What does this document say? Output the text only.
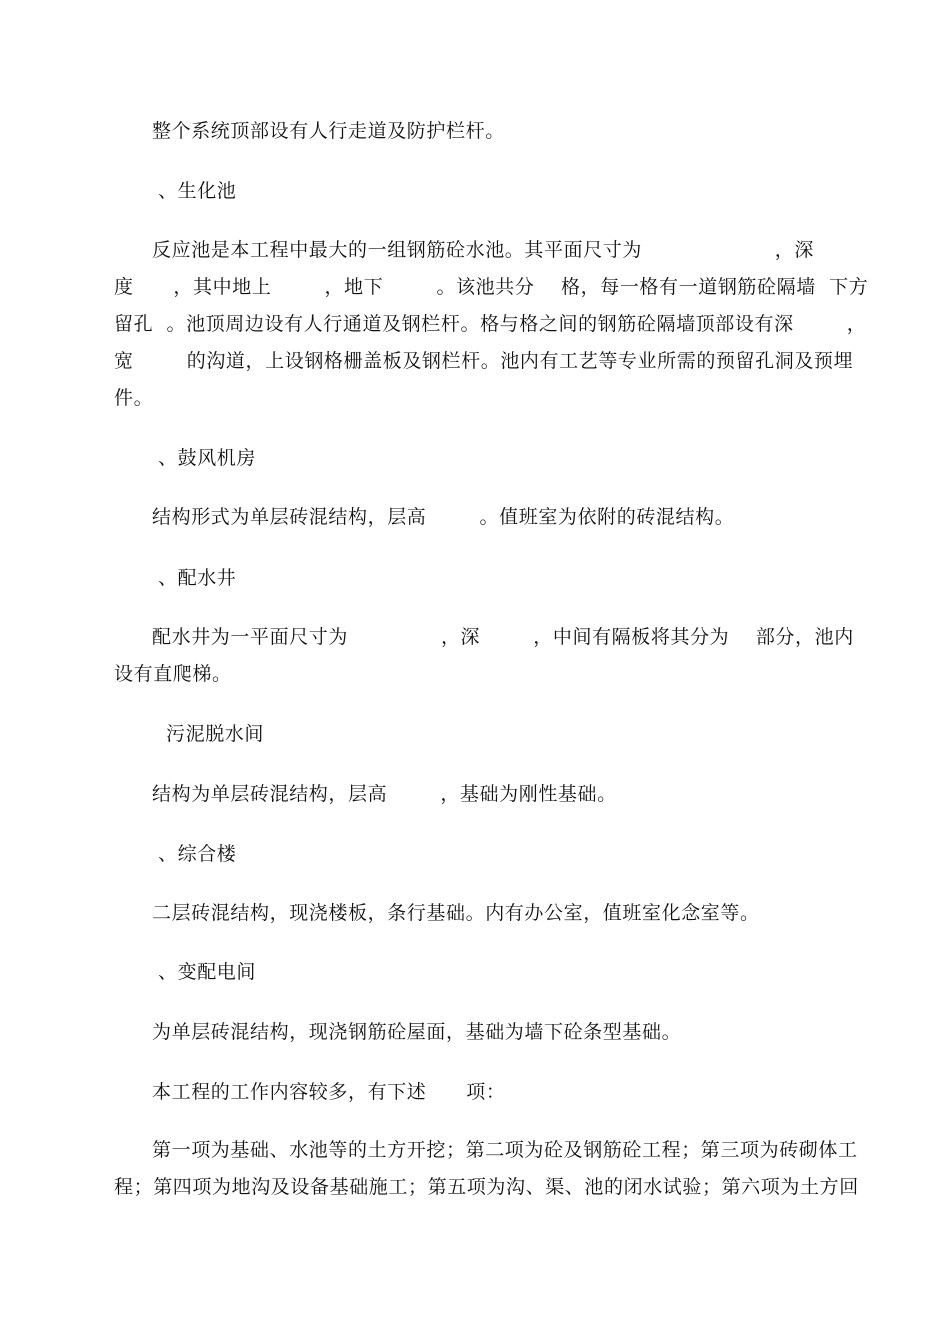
整个系统顶部设有人行走道及防护栏杆。
、生化池
反应池是本工程中最大的一组钢筋砼水池。其平面尺寸为                    ，深
度      ，其中地上        ，地下        。该池共分    格，每一格有一道钢筋砼隔墙  下方
留孔  。池顶周边设有人行通道及钢栏杆。格与格之间的钢筋砼隔墙顶部设有深        ，
宽        的沟道，上设钢格栅盖板及钢栏杆。池内有工艺等专业所需的预留孔洞及预埋
件。
、鼓风机房
结构形式为单层砖混结构，层高        。值班室为依附的砖混结构。
、配水井
配水井为一平面尺寸为              ，深        ，中间有隔板将其分为    部分，池内
设有直爬梯。
污泥脱水间
结构为单层砖混结构，层高        ，基础为刚性基础。
、综合楼
二层砖混结构，现浇楼板，条行基础。内有办公室，值班室化念室等。
、变配电间
为单层砖混结构，现浇钢筋砼屋面，基础为墙下砼条型基础。
本工程的工作内容较多，有下述      项：
第一项为基础、水池等的土方开挖；第二项为砼及钢筋砼工程；第三项为砖砌体工
程；第四项为地沟及设备基础施工；第五项为沟、渠、池的闭水试验；第六项为土方回
